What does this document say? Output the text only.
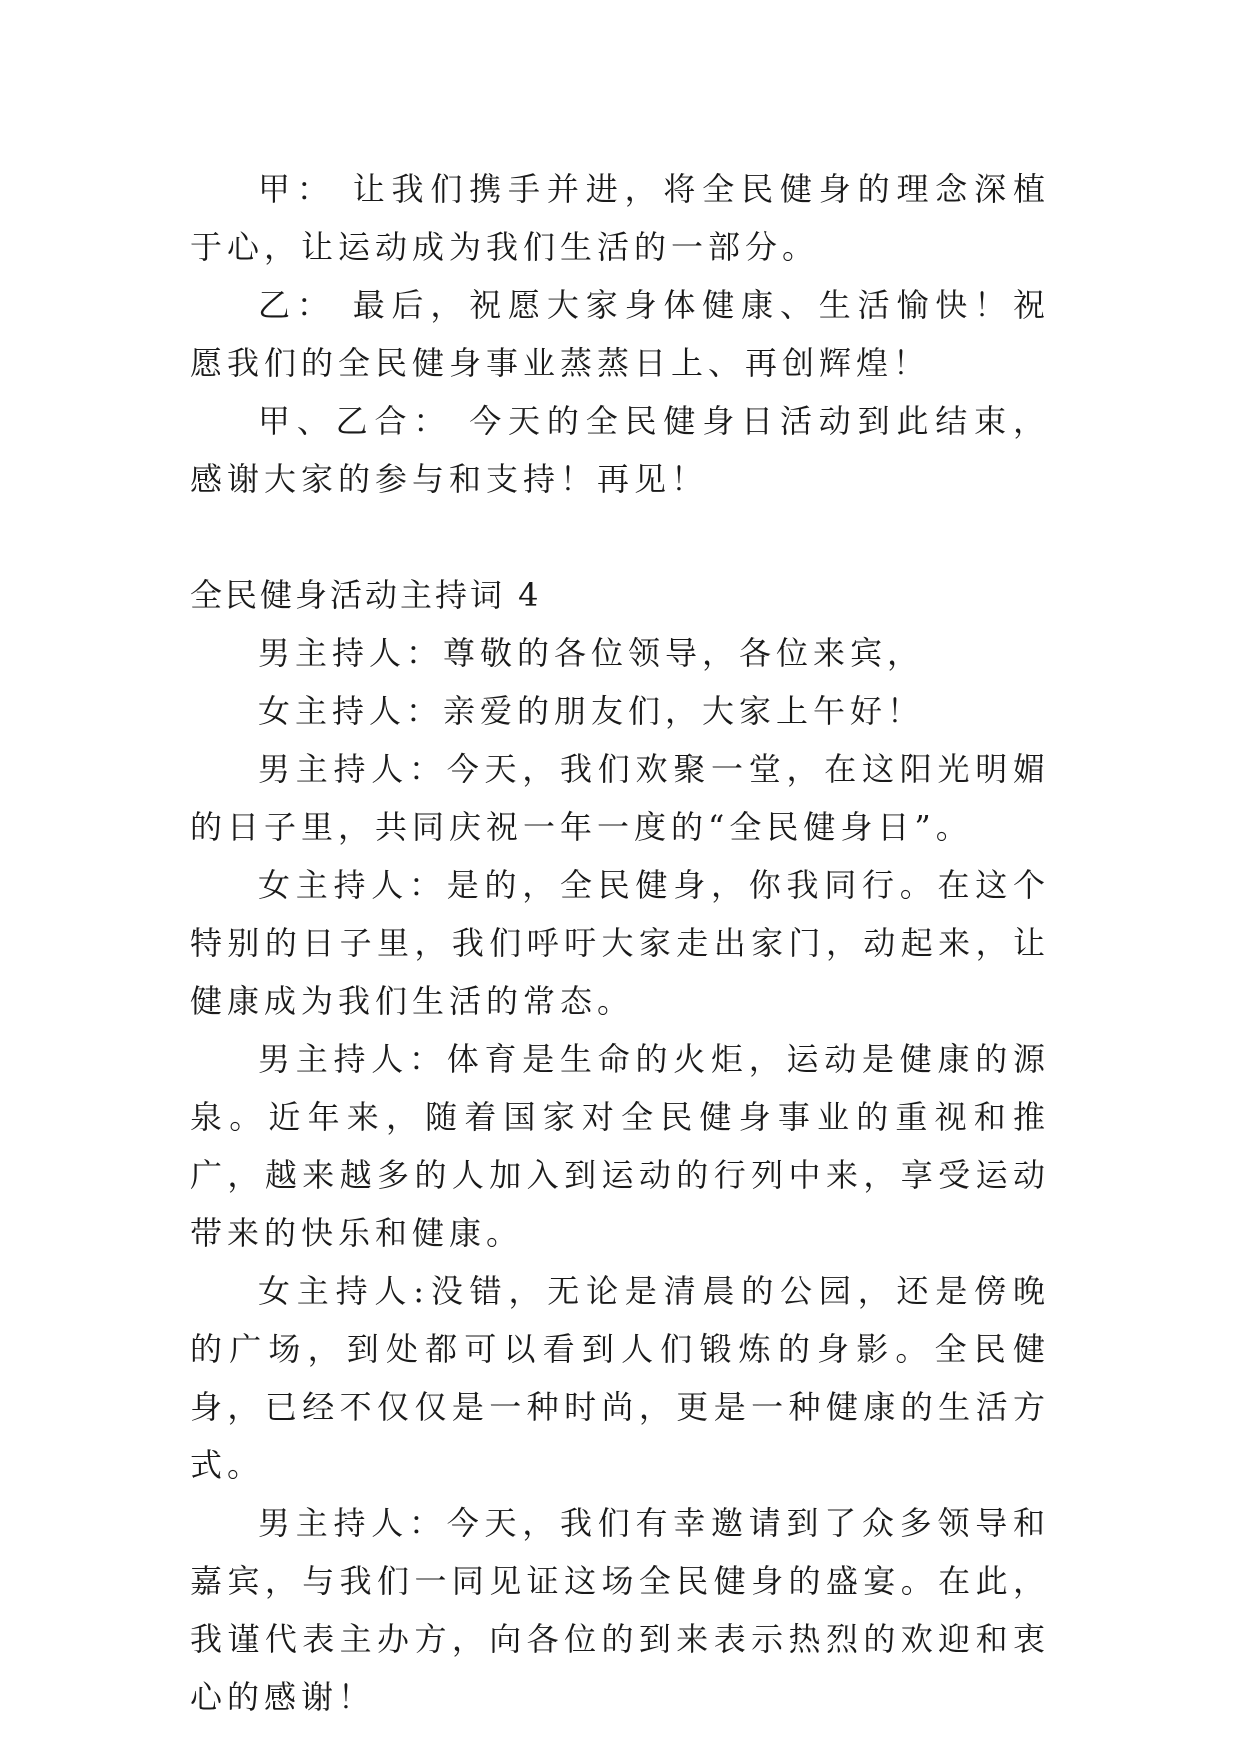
甲： 让我们携手并进，将全民健身的理念深植于心，让运动成为我们生活的一部分。

乙： 最后，祝愿大家身体健康、生活愉快！祝愿我们的全民健身事业蒸蒸日上、再创辉煌！

甲、乙合： 今天的全民健身日活动到此结束，感谢大家的参与和支持！再见！

全民健身活动主持词 4

男主持人：尊敬的各位领导，各位来宾，

女主持人：亲爱的朋友们，大家上午好！

男主持人：今天，我们欢聚一堂，在这阳光明媚的日子里，共同庆祝一年一度的“全民健身日”。

女主持人：是的，全民健身，你我同行。在这个特别的日子里，我们呼吁大家走出家门，动起来，让健康成为我们生活的常态。

男主持人：体育是生命的火炬，运动是健康的源泉。近年来，随着国家对全民健身事业的重视和推广，越来越多的人加入到运动的行列中来，享受运动带来的快乐和健康。

女主持人:没错，无论是清晨的公园，还是傍晚的广场，到处都可以看到人们锻炼的身影。全民健身，已经不仅仅是一种时尚，更是一种健康的生活方式。

男主持人：今天，我们有幸邀请到了众多领导和嘉宾，与我们一同见证这场全民健身的盛宴。在此，我谨代表主办方，向各位的到来表示热烈的欢迎和衷心的感谢！
